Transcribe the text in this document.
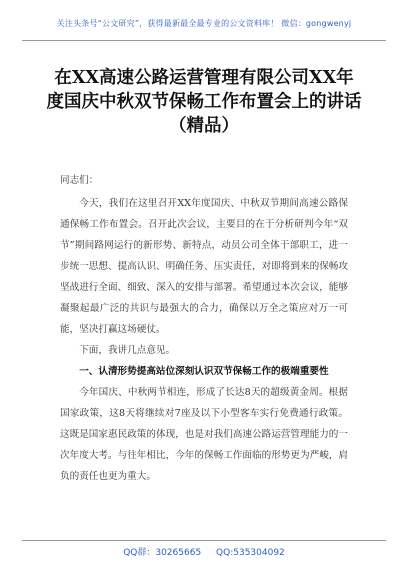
关注头条号“公文研究”，获得最新最全最专业的公文资料库！ 微信：gongwenyj
在XX高速公路运营管理有限公司XX年度国庆中秋双节保畅工作布置会上的讲话（精品）

同志们：

今天，我们在这里召开XX年度国庆、中秋双节期间高速公路保通保畅工作布置会。召开此次会议，主要目的在于分析研判今年“双节”期间路网运行的新形势、新特点，动员公司全体干部职工，进一步统一思想、提高认识、明确任务、压实责任，对即将到来的保畅攻坚战进行全面、细致、深入的安排与部署。希望通过本次会议，能够凝聚起最广泛的共识与最强大的合力，确保以万全之策应对万一可能，坚决打赢这场硬仗。

下面，我讲几点意见。

一、认清形势提高站位深刻认识双节保畅工作的极端重要性

今年国庆、中秋两节相连，形成了长达8天的超级黄金周。根据国家政策，这8天将继续对7座及以下小型客车实行免费通行政策。这既是国家惠民政策的体现，也是对我们高速公路运营管理能力的一次年度大考。与往年相比，今年的保畅工作面临的形势更为严峻，肩负的责任也更为重大。

QQ群：30265665 QQ:535304092
